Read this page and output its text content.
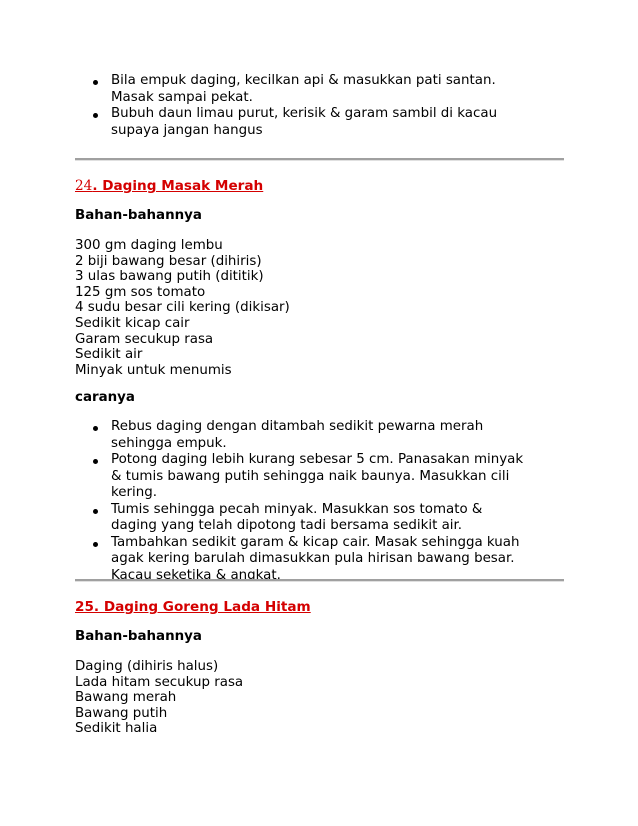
Bila empuk daging, kecilkan api & masukkan pati santan. Masak sampai pekat.
Bubuh daun limau purut, kerisik & garam sambil di kacau supaya jangan hangus
24. Daging Masak Merah
Bahan-bahannya
300 gm daging lembu
2 biji bawang besar (dihiris)
3 ulas bawang putih (dititik)
125 gm sos tomato
4 sudu besar cili kering (dikisar)
Sedikit kicap cair
Garam secukup rasa
Sedikit air
Minyak untuk menumis
caranya
Rebus daging dengan ditambah sedikit pewarna merah sehingga empuk.
Potong daging lebih kurang sebesar 5 cm. Panasakan minyak & tumis bawang putih sehingga naik baunya. Masukkan cili kering.
Tumis sehingga pecah minyak. Masukkan sos tomato & daging yang telah dipotong tadi bersama sedikit air.
Tambahkan sedikit garam & kicap cair. Masak sehingga kuah agak kering barulah dimasukkan pula hirisan bawang besar. Kacau seketika & angkat.
25. Daging Goreng Lada Hitam
Bahan-bahannya
Daging (dihiris halus)
Lada hitam secukup rasa
Bawang merah
Bawang putih
Sedikit halia
